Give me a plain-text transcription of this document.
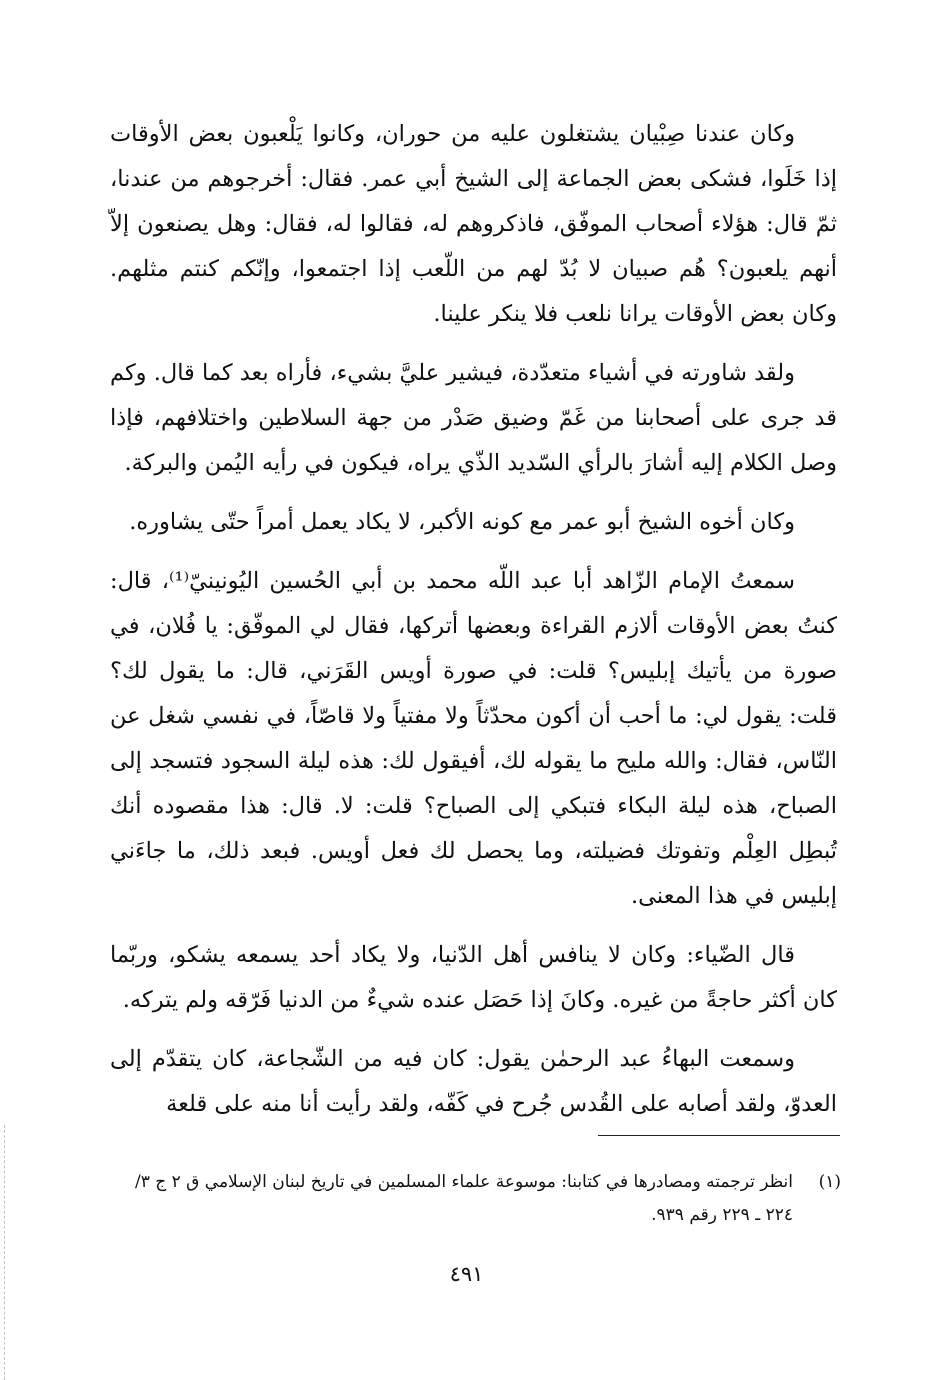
وكان عندنا صِبْيان يشتغلون عليه من حوران، وكانوا يَلْعبون بعض الأوقات إذا خَلَوا، فشكى بعض الجماعة إلى الشيخ أبي عمر. فقال: أخرجوهم من عندنا، ثمّ قال: هؤلاء أصحاب الموفّق، فاذكروهم له، فقالوا له، فقال: وهل يصنعون إلاّ أنهم يلعبون؟ هُم صبيان لا بُدّ لهم من اللّعب إذا اجتمعوا، وإنّكم كنتم مثلهم. وكان بعض الأوقات يرانا نلعب فلا ينكر علينا.

ولقد شاورته في أشياء متعدّدة، فيشير عليَّ بشيء، فأراه بعد كما قال. وكم قد جرى على أصحابنا من غَمّ وضيق صَدْر من جهة السلاطين واختلافهم، فإذا وصل الكلام إليه أشارَ بالرأي السّديد الذّي يراه، فيكون في رأيه اليُمن والبركة.

وكان أخوه الشيخ أبو عمر مع كونه الأكبر، لا يكاد يعمل أمراً حتّى يشاوره.

سمعتُ الإمام الزّاهد أبا عبد اللّه محمد بن أبي الحُسين اليُونينيّ⁽¹⁾، قال: كنتُ بعض الأوقات ألازم القراءة وبعضها أتركها، فقال لي الموفّق: يا فُلان، في صورة من يأتيك إبليس؟ قلت: في صورة أويس القَرَني، قال: ما يقول لك؟ قلت: يقول لي: ما أحب أن أكون محدّثاً ولا مفتياً ولا قاصّاً، في نفسي شغل عن النّاس، فقال: والله مليح ما يقوله لك، أفيقول لك: هذه ليلة السجود فتسجد إلى الصباح، هذه ليلة البكاء فتبكي إلى الصباح؟ قلت: لا. قال: هذا مقصوده أنك تُبطِل العِلْم وتفوتك فضيلته، وما يحصل لك فعل أويس. فبعد ذلك، ما جاءَني إبليس في هذا المعنى.

قال الضّياء: وكان لا ينافس أهل الدّنيا، ولا يكاد أحد يسمعه يشكو، وربّما كان أكثر حاجةً من غيره. وكانَ إذا حَصَل عنده شيءٌ من الدنيا فَرّقه ولم يتركه.

وسمعت البهاءُ عبد الرحمٰن يقول: كان فيه من الشّجاعة، كان يتقدّم إلى العدوّ، ولقد أصابه على القُدس جُرح في كَفّه، ولقد رأيت أنا منه على قلعة

(١)
انظر ترجمته ومصادرها في كتابنا: موسوعة علماء المسلمين في تاريخ لبنان الإسلامي ق ٢ ج ٣/ ٢٢٤ ـ ٢٢٩ رقم ٩٣٩.
٤٩١
